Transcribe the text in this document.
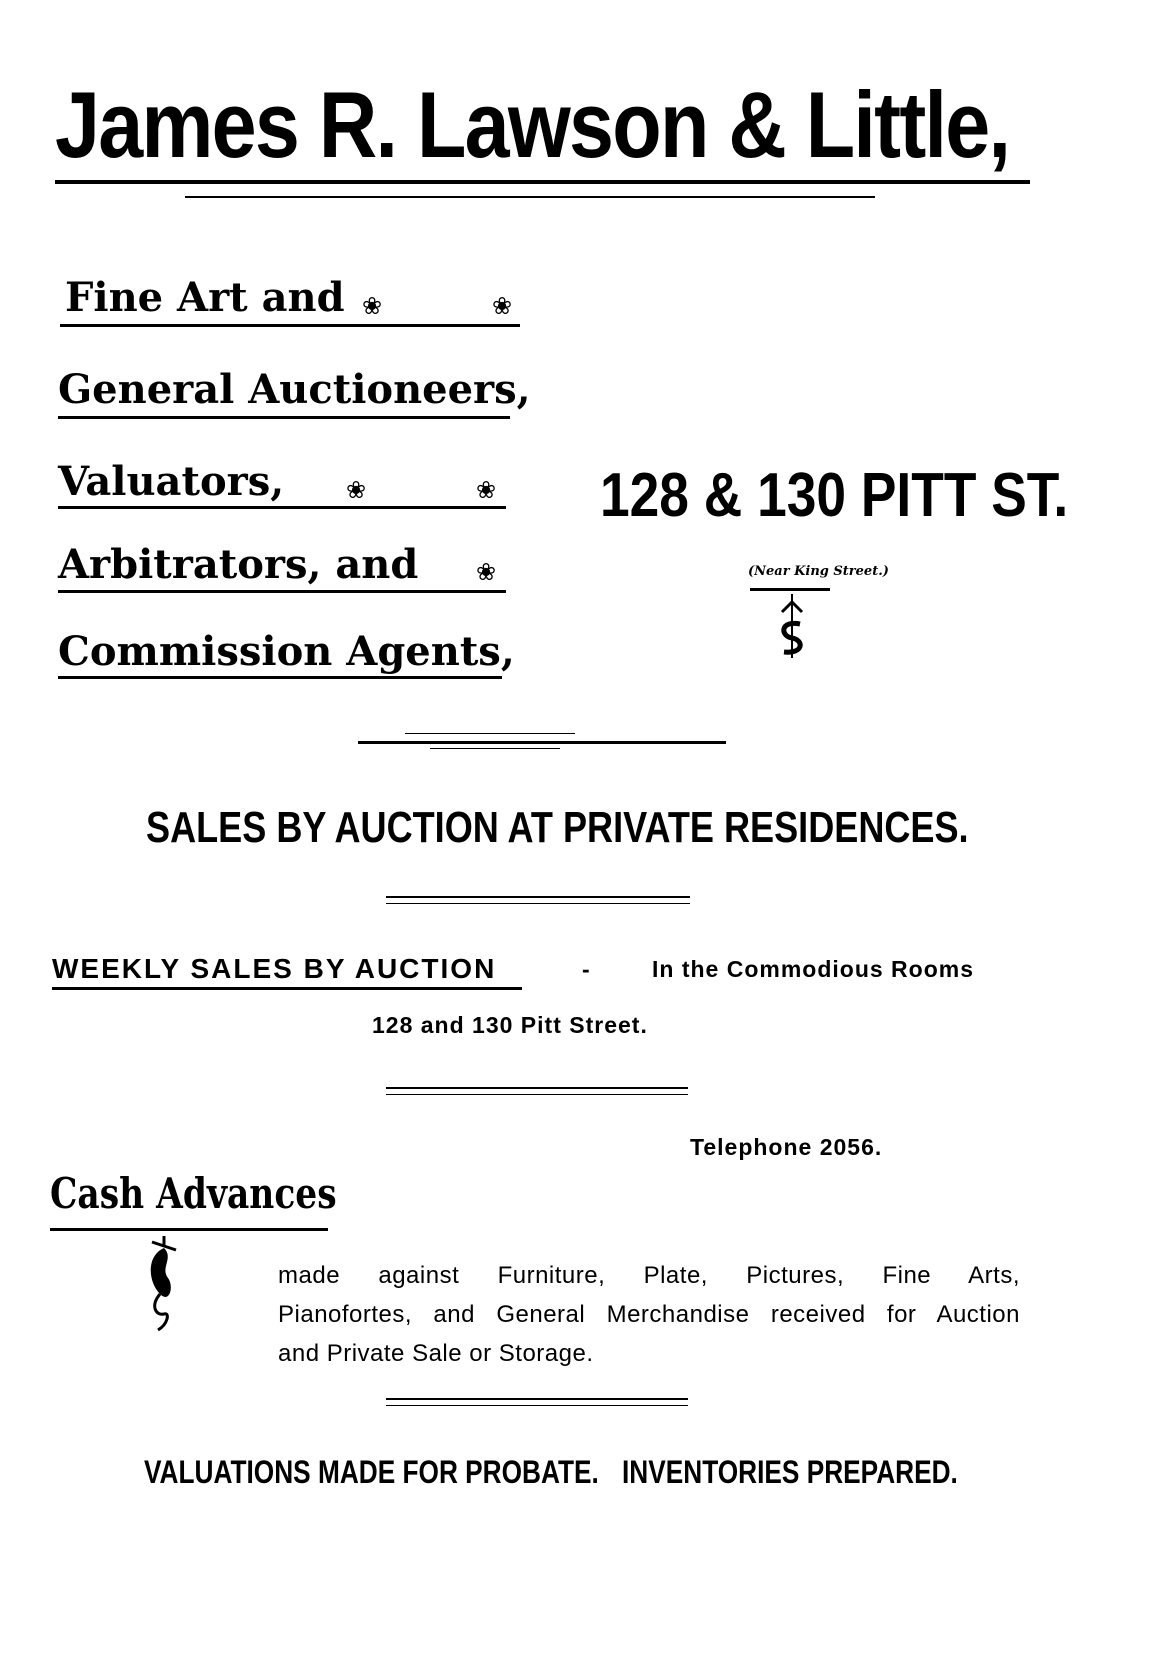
James R. Lawson & Little,
Fine Art and ❀	❀
General Auctioneers,
Valuators,	❀	❀
Arbitrators, and ❀
Commission Agents,
128 & 130 PITT ST.
(Near King Street.)
SALES BY AUCTION AT PRIVATE RESIDENCES.
WEEKLY SALES BY AUCTION	-	In the Commodious Rooms
128 and 130 Pitt Street.
Telephone 2056.
Cash Advances
made against Furniture, Plate, Pictures, Fine Arts,
Pianofortes, and General Merchandise received for Auction
and Private Sale or Storage.
VALUATIONS MADE FOR PROBATE. INVENTORIES PREPARED.
